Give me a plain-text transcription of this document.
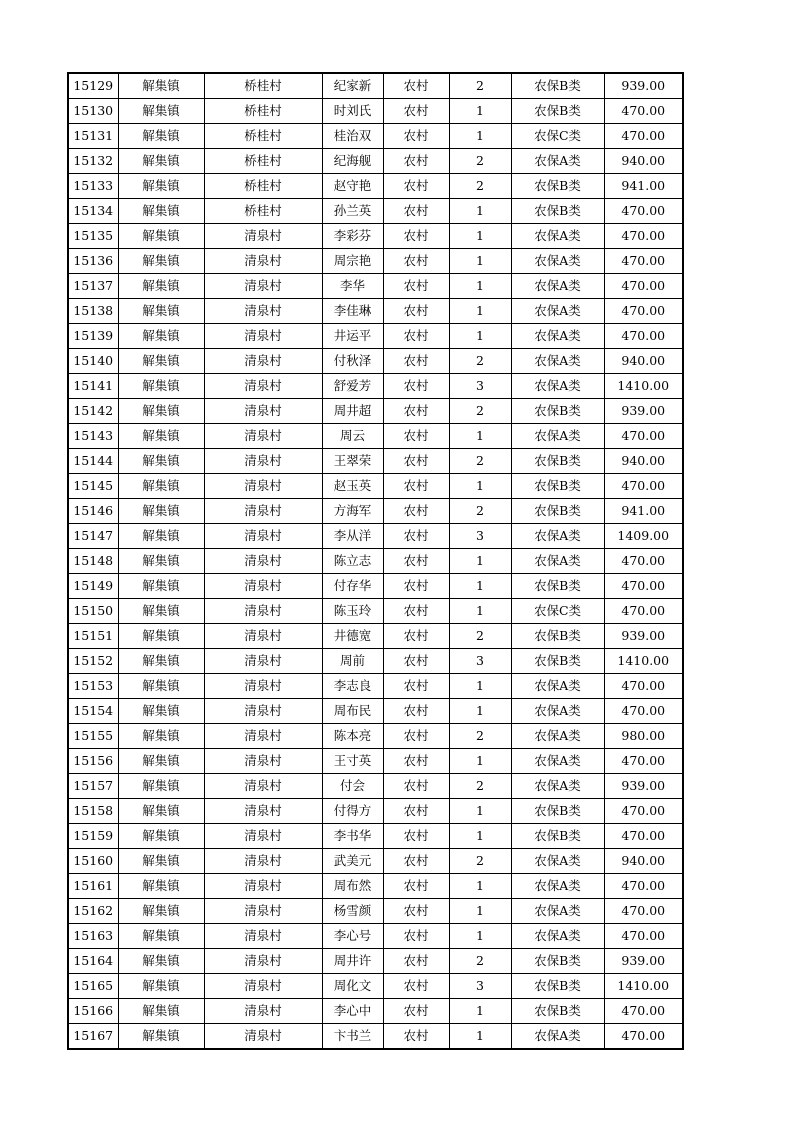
15129	解集镇	桥桂村	纪家新	农村	2	农保B类	939.00
15130	解集镇	桥桂村	时刘氏	农村	1	农保B类	470.00
15131	解集镇	桥桂村	桂治双	农村	1	农保C类	470.00
15132	解集镇	桥桂村	纪海舰	农村	2	农保A类	940.00
15133	解集镇	桥桂村	赵守艳	农村	2	农保B类	941.00
15134	解集镇	桥桂村	孙兰英	农村	1	农保B类	470.00
15135	解集镇	清泉村	李彩芬	农村	1	农保A类	470.00
15136	解集镇	清泉村	周宗艳	农村	1	农保A类	470.00
15137	解集镇	清泉村	李华	农村	1	农保A类	470.00
15138	解集镇	清泉村	李佳琳	农村	1	农保A类	470.00
15139	解集镇	清泉村	井运平	农村	1	农保A类	470.00
15140	解集镇	清泉村	付秋泽	农村	2	农保A类	940.00
15141	解集镇	清泉村	舒爱芳	农村	3	农保A类	1410.00
15142	解集镇	清泉村	周井超	农村	2	农保B类	939.00
15143	解集镇	清泉村	周云	农村	1	农保A类	470.00
15144	解集镇	清泉村	王翠荣	农村	2	农保B类	940.00
15145	解集镇	清泉村	赵玉英	农村	1	农保B类	470.00
15146	解集镇	清泉村	方海军	农村	2	农保B类	941.00
15147	解集镇	清泉村	李从洋	农村	3	农保A类	1409.00
15148	解集镇	清泉村	陈立志	农村	1	农保A类	470.00
15149	解集镇	清泉村	付存华	农村	1	农保B类	470.00
15150	解集镇	清泉村	陈玉玲	农村	1	农保C类	470.00
15151	解集镇	清泉村	井德宽	农村	2	农保B类	939.00
15152	解集镇	清泉村	周前	农村	3	农保B类	1410.00
15153	解集镇	清泉村	李志良	农村	1	农保A类	470.00
15154	解集镇	清泉村	周布民	农村	1	农保A类	470.00
15155	解集镇	清泉村	陈本亮	农村	2	农保A类	980.00
15156	解集镇	清泉村	王寸英	农村	1	农保A类	470.00
15157	解集镇	清泉村	付会	农村	2	农保A类	939.00
15158	解集镇	清泉村	付得方	农村	1	农保B类	470.00
15159	解集镇	清泉村	李书华	农村	1	农保B类	470.00
15160	解集镇	清泉村	武美元	农村	2	农保A类	940.00
15161	解集镇	清泉村	周布然	农村	1	农保A类	470.00
15162	解集镇	清泉村	杨雪颜	农村	1	农保A类	470.00
15163	解集镇	清泉村	李心号	农村	1	农保A类	470.00
15164	解集镇	清泉村	周井许	农村	2	农保B类	939.00
15165	解集镇	清泉村	周化文	农村	3	农保B类	1410.00
15166	解集镇	清泉村	李心中	农村	1	农保B类	470.00
15167	解集镇	清泉村	卞书兰	农村	1	农保A类	470.00
